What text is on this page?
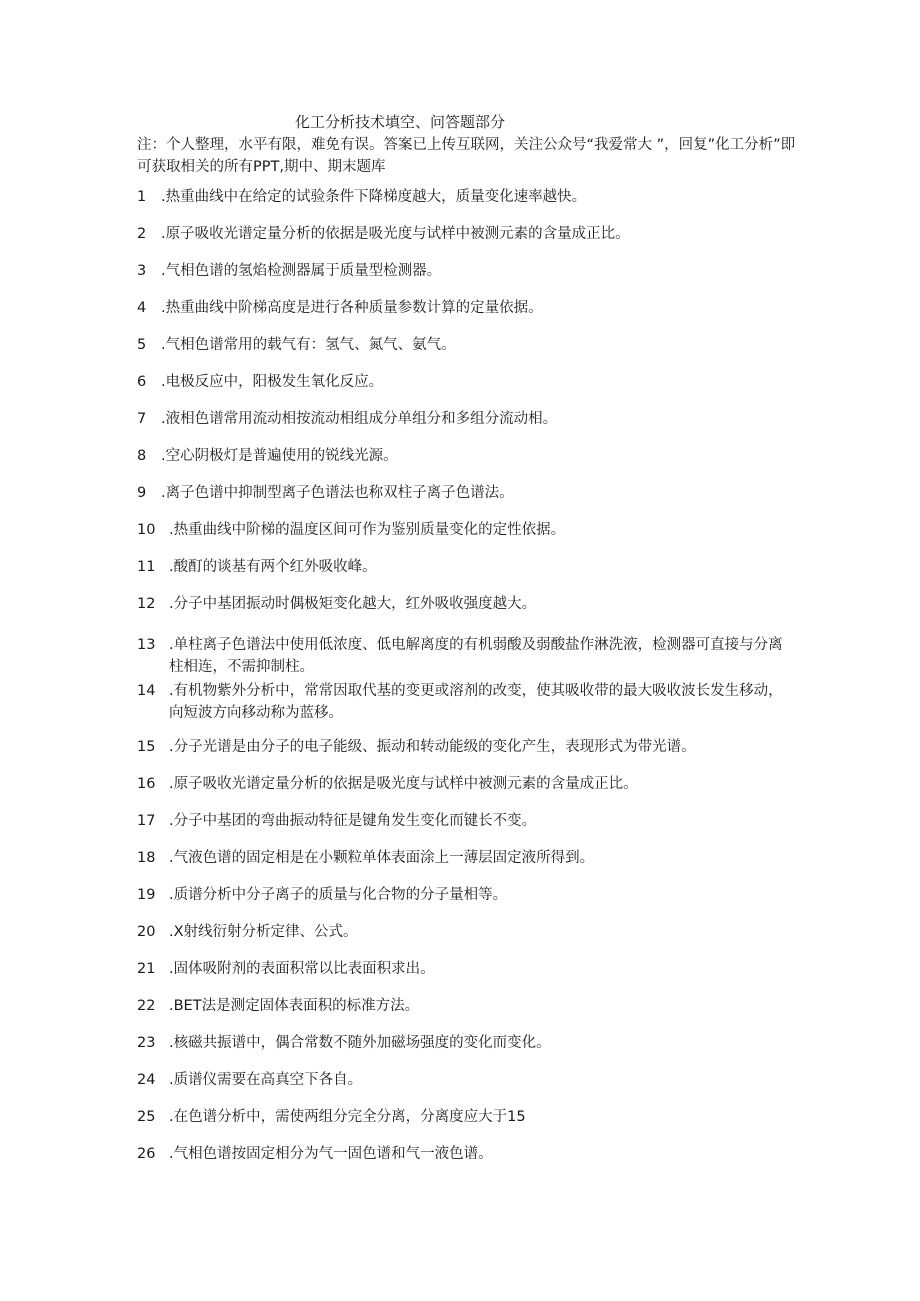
化工分析技术填空、问答题部分
注：个人整理，水平有限，难免有误。答案已上传互联网，关注公众号“我爱常大 ”，回复”化工分析”即可获取相关的所有PPT,期中、期末题库
1	.热重曲线中在给定的试验条件下降梯度越大，质量变化速率越快。
2	.原子吸收光谱定量分析的依据是吸光度与试样中被测元素的含量成正比。
3	.气相色谱的氢焰检测器属于质量型检测器。
4	.热重曲线中阶梯高度是进行各种质量参数计算的定量依据。
5	.气相色谱常用的载气有：氢气、氮气、氨气。
6	.电极反应中，阳极发生氧化反应。
7	.液相色谱常用流动相按流动相组成分单组分和多组分流动相。
8	.空心阴极灯是普遍使用的锐线光源。
9	.离子色谱中抑制型离子色谱法也称双柱子离子色谱法。
10 .热重曲线中阶梯的温度区间可作为鉴别质量变化的定性依据。
11 .酸酊的谈基有两个红外吸收峰。
12 .分子中基团振动时偶极矩变化越大，红外吸收强度越大。
13 .单柱离子色谱法中使用低浓度、低电解离度的有机弱酸及弱酸盐作淋洗液，检测器可直接与分离柱相连，不需抑制柱。
14 .有机物紫外分析中，常常因取代基的变更或溶剂的改变，使其吸收带的最大吸收波长发生移动，向短波方向移动称为蓝移。
15 .分子光谱是由分子的电子能级、振动和转动能级的变化产生，表现形式为带光谱。
16 .原子吸收光谱定量分析的依据是吸光度与试样中被测元素的含量成正比。
17 .分子中基团的弯曲振动特征是键角发生变化而键长不变。
18 .气液色谱的固定相是在小颗粒单体表面涂上一薄层固定液所得到。
19 .质谱分析中分子离子的质量与化合物的分子量相等。
20 .X射线衍射分析定律、公式。
21 .固体吸附剂的表面积常以比表面积求出。
22 .BET法是测定固体表面积的标准方法。
23 .核磁共振谱中，偶合常数不随外加磁场强度的变化而变化。
24 .质谱仪需要在高真空下各自。
25 .在色谱分析中，需使两组分完全分离，分离度应大于15
26 .气相色谱按固定相分为气一固色谱和气一液色谱。
